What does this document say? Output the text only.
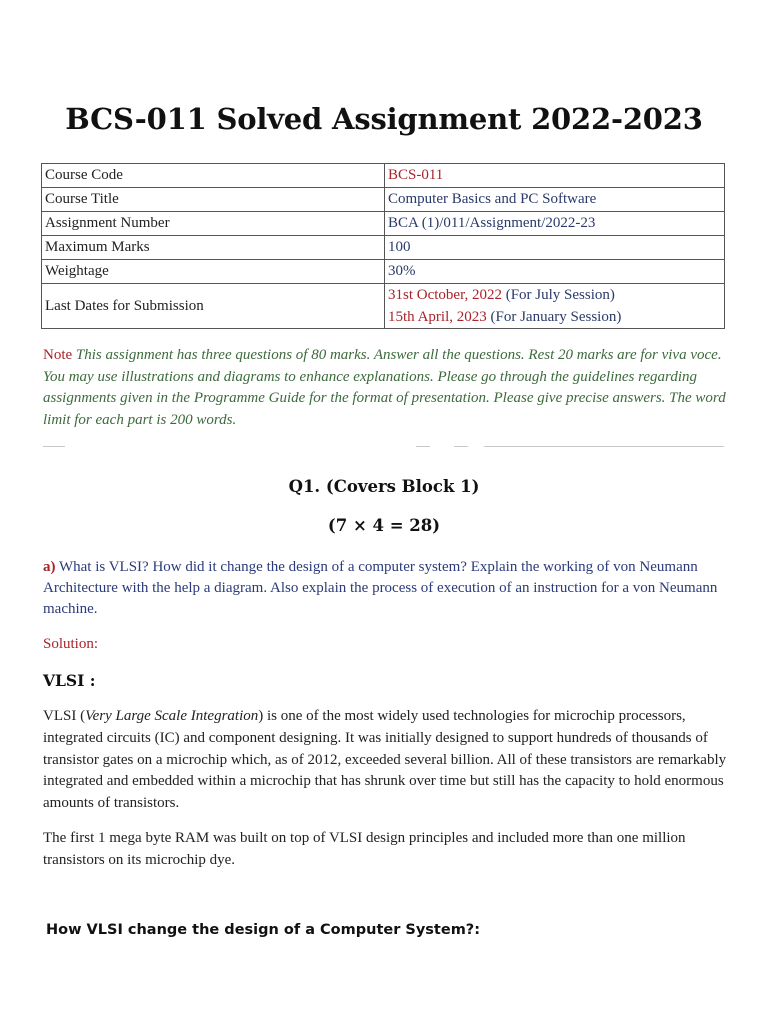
BCS-011 Solved Assignment 2022-2023
Course Code	BCS-011
Course Title	Computer Basics and PC Software
Assignment Number	BCA (1)/011/Assignment/2022-23
Maximum Marks	100
Weightage	30%
Last Dates for Submission	31st October, 2022 (For July Session)
15th April, 2023 (For January Session)

Note This assignment has three questions of 80 marks. Answer all the questions. Rest 20 marks are for viva voce. You may use illustrations and diagrams to enhance explanations. Please go through the guidelines regarding assignments given in the Programme Guide for the format of presentation. Please give precise answers. The word limit for each part is 200 words.

Q1. (Covers Block 1)
(7 × 4 = 28)

a) What is VLSI? How did it change the design of a computer system? Explain the working of von Neumann Architecture with the help a diagram. Also explain the process of execution of an instruction for a von Neumann machine.

Solution:

VLSI :

VLSI (Very Large Scale Integration) is one of the most widely used technologies for microchip processors, integrated circuits (IC) and component designing. It was initially designed to support hundreds of thousands of transistor gates on a microchip which, as of 2012, exceeded several billion. All of these transistors are remarkably integrated and embedded within a microchip that has shrunk over time but still has the capacity to hold enormous amounts of transistors.

The first 1 mega byte RAM was built on top of VLSI design principles and included more than one million transistors on its microchip dye.

How VLSI change the design of a Computer System?:
